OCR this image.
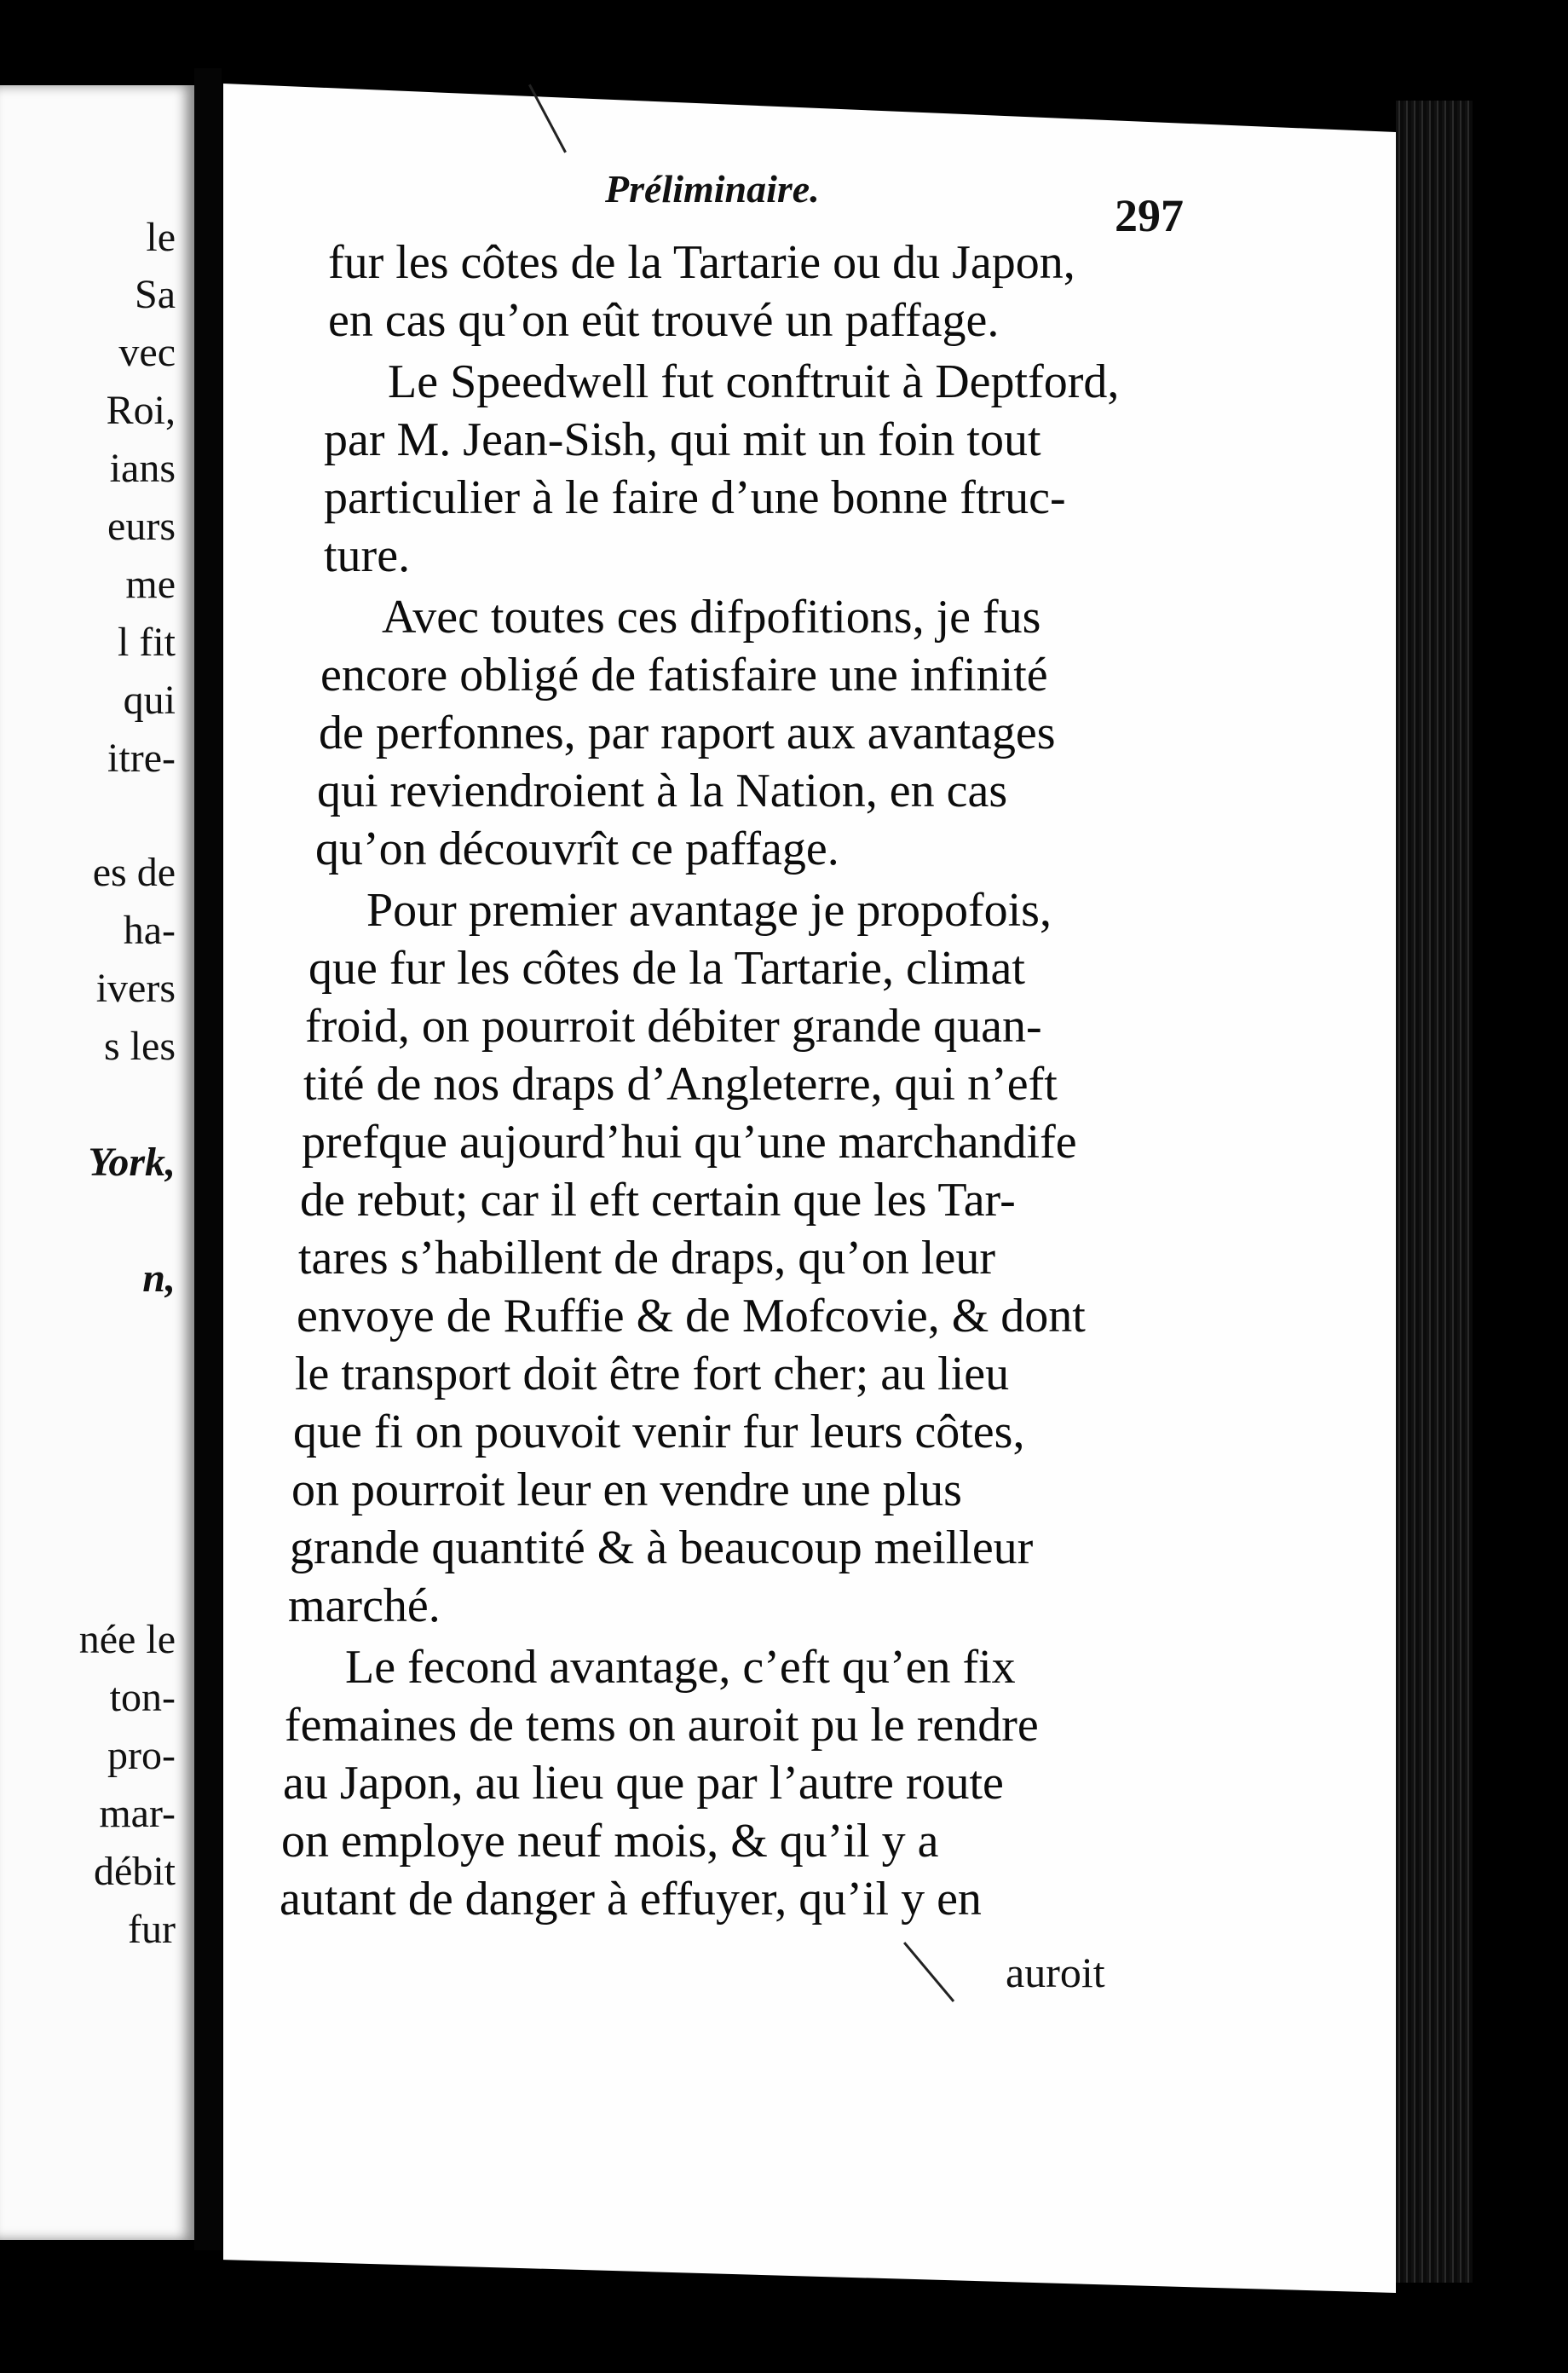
le
Sa
vec
Roi,
ians
eurs
me
l fit
qui
itre-
es de
ha-
ivers
s les
York,
n,
née le
ton-
pro-
mar-
débit
fur
Préliminaire.
297
fur les côtes de la Tartarie ou du Japon,
en cas qu’on eût trouvé un paffage.
Le Speedwell fut conftruit à Deptford,
par M. Jean-Sish, qui mit un foin tout
particulier à le faire d’une bonne ftruc-
ture.
Avec toutes ces difpofitions, je fus
encore obligé de fatisfaire une infinité
de perfonnes, par raport aux avantages
qui reviendroient à la Nation, en cas
qu’on découvrît ce paffage.
Pour premier avantage je propofois,
que fur les côtes de la Tartarie, climat
froid, on pourroit débiter grande quan-
tité de nos draps d’Angleterre, qui n’eft
prefque aujourd’hui qu’une marchandife
de rebut; car il eft certain que les Tar-
tares s’habillent de draps, qu’on leur
envoye de Ruffie & de Mofcovie, & dont
le transport doit être fort cher; au lieu
que fi on pouvoit venir fur leurs côtes,
on pourroit leur en vendre une plus
grande quantité & à beaucoup meilleur
marché.
Le fecond avantage, c’eft qu’en fix
femaines de tems on auroit pu le rendre
au Japon, au lieu que par l’autre route
on employe neuf mois, & qu’il y a
autant de danger à effuyer, qu’il y en
auroit
